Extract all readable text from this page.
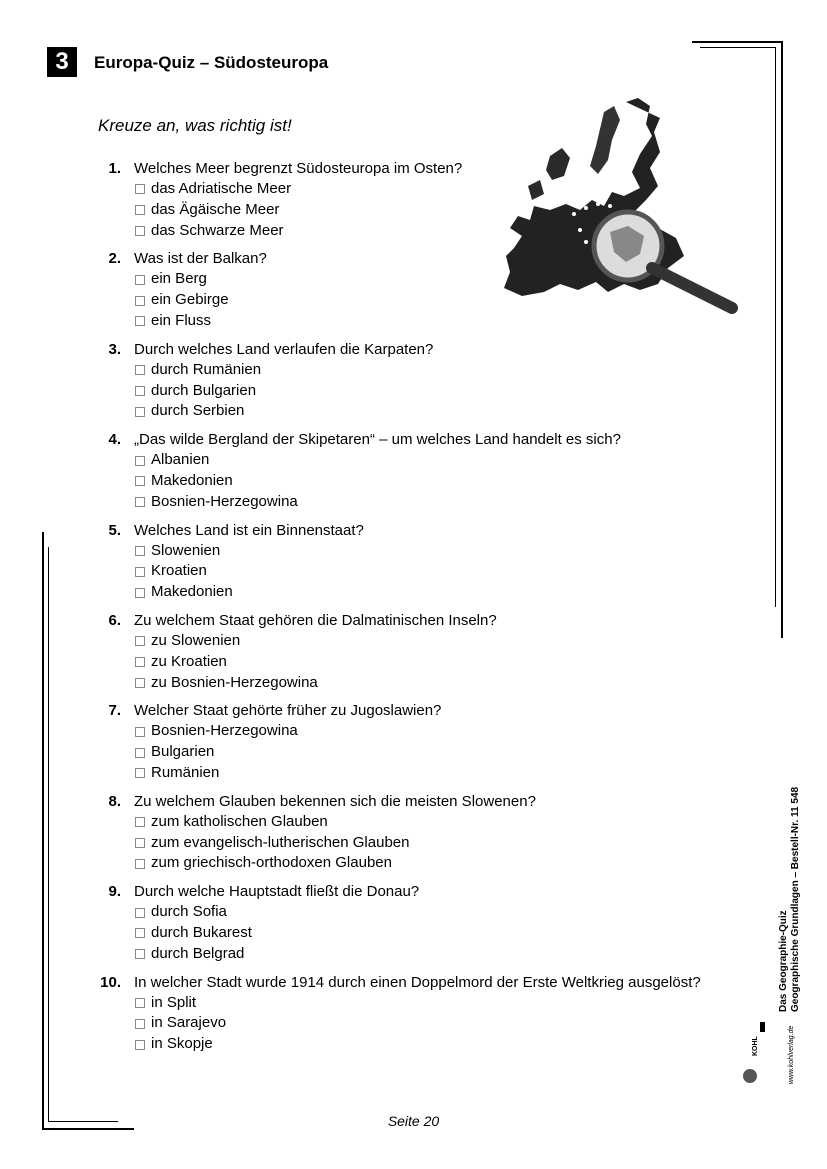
3	Europa-Quiz – Südosteuropa
Kreuze an, was richtig ist!
1. Welches Meer begrenzt Südosteuropa im Osten?
das Adriatische Meer
das Ägäische Meer
das Schwarze Meer
2. Was ist der Balkan?
ein Berg
ein Gebirge
ein Fluss
3. Durch welches Land verlaufen die Karpaten?
durch Rumänien
durch Bulgarien
durch Serbien
4. „Das wilde Bergland der Skipetaren“ – um welches Land handelt es sich?
Albanien
Makedonien
Bosnien-Herzegowina
5. Welches Land ist ein Binnenstaat?
Slowenien
Kroatien
Makedonien
6. Zu welchem Staat gehören die Dalmatinischen Inseln?
zu Slowenien
zu Kroatien
zu Bosnien-Herzegowina
7. Welcher Staat gehörte früher zu Jugoslawien?
Bosnien-Herzegowina
Bulgarien
Rumänien
8. Zu welchem Glauben bekennen sich die meisten Slowenen?
zum katholischen Glauben
zum evangelisch-lutherischen Glauben
zum griechisch-orthodoxen Glauben
9. Durch welche Hauptstadt fließt die Donau?
durch Sofia
durch Bukarest
durch Belgrad
10. In welcher Stadt wurde 1914 durch einen Doppelmord der Erste Weltkrieg ausgelöst?
in Split
in Sarajevo
in Skopje
Das Geographie-Quiz Geographische Grundlagen – Bestell-Nr. 11 548
www.kohlverlag.de
KOHL
Seite 20
